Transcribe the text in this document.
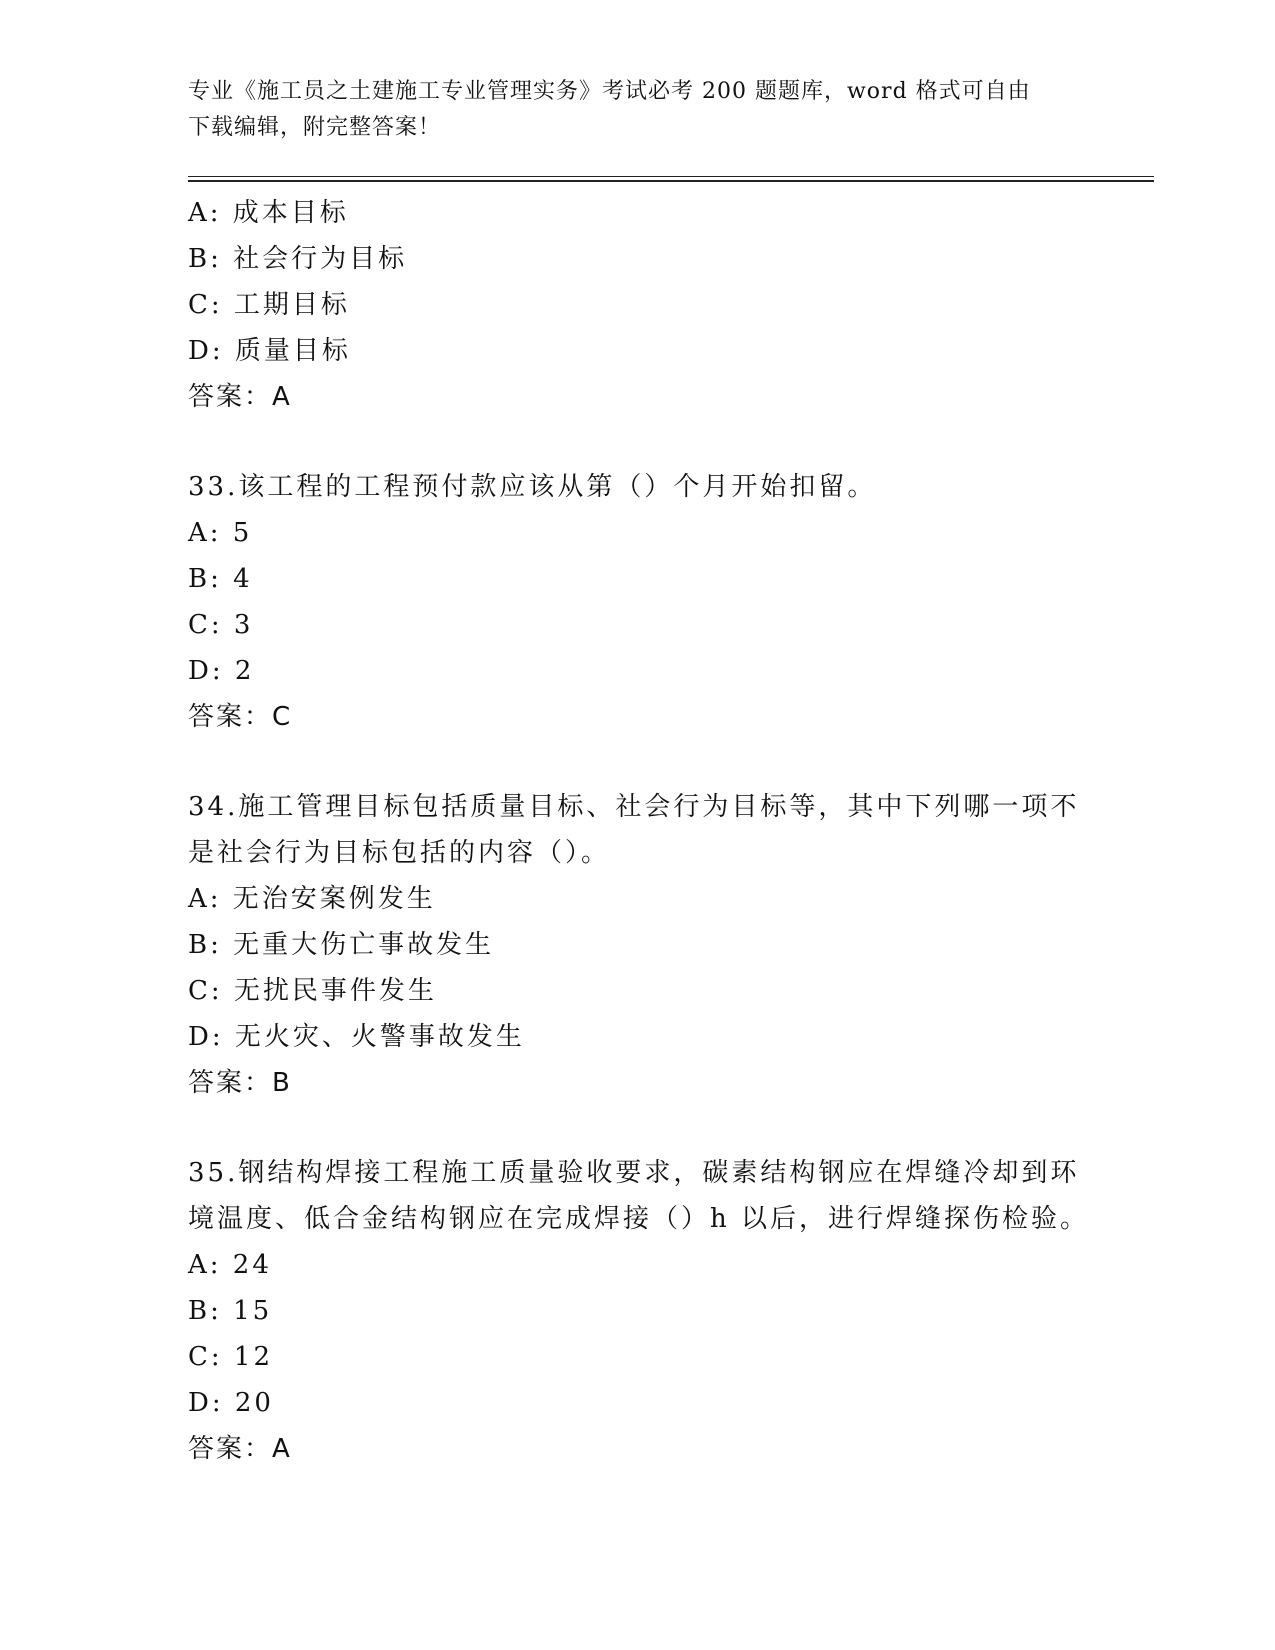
专业《施工员之土建施工专业管理实务》考试必考 200 题题库，word 格式可自由
下载编辑，附完整答案！
A: 成本目标
B: 社会行为目标
C: 工期目标
D: 质量目标
答案：A
33.该工程的工程预付款应该从第（）个月开始扣留。
A: 5
B: 4
C: 3
D: 2
答案：C
34.施工管理目标包括质量目标、社会行为目标等，其中下列哪一项不
是社会行为目标包括的内容（）。
A: 无治安案例发生
B: 无重大伤亡事故发生
C: 无扰民事件发生
D: 无火灾、火警事故发生
答案：B
35.钢结构焊接工程施工质量验收要求，碳素结构钢应在焊缝冷却到环
境温度、低合金结构钢应在完成焊接（）h 以后，进行焊缝探伤检验。
A: 24
B: 15
C: 12
D: 20
答案：A
